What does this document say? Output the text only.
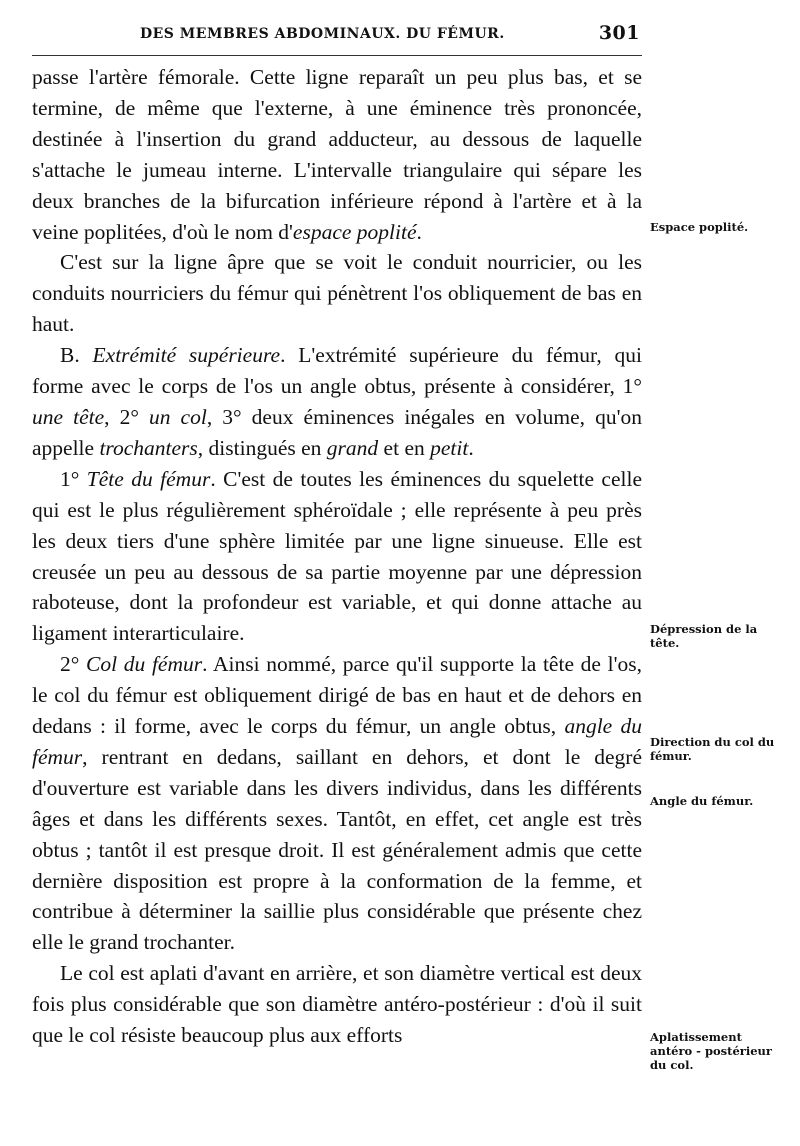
DES MEMBRES ABDOMINAUX. DU FÉMUR.	301

passe l'artère fémorale. Cette ligne reparaît un peu plus bas, et se termine, de même que l'externe, à une éminence très prononcée, destinée à l'insertion du grand adducteur, au dessous de laquelle s'attache le jumeau interne. L'intervalle triangulaire qui sépare les deux branches de la bifurcation inférieure répond à l'artère et à la veine poplitées, d'où le nom d'espace poplité.

C'est sur la ligne âpre que se voit le conduit nourricier, ou les conduits nourriciers du fémur qui pénètrent l'os obliquement de bas en haut.

B. Extrémité supérieure. L'extrémité supérieure du fémur, qui forme avec le corps de l'os un angle obtus, présente à considérer, 1° une tête, 2° un col, 3° deux éminences inégales en volume, qu'on appelle trochanters, distingués en grand et en petit.

1° Tête du fémur. C'est de toutes les éminences du squelette celle qui est le plus régulièrement sphéroïdale ; elle représente à peu près les deux tiers d'une sphère limitée par une ligne sinueuse. Elle est creusée un peu au dessous de sa partie moyenne par une dépression raboteuse, dont la profondeur est variable, et qui donne attache au ligament interarticulaire.

2° Col du fémur. Ainsi nommé, parce qu'il supporte la tête de l'os, le col du fémur est obliquement dirigé de bas en haut et de dehors en dedans : il forme, avec le corps du fémur, un angle obtus, angle du fémur, rentrant en dedans, saillant en dehors, et dont le degré d'ouverture est variable dans les divers individus, dans les différents âges et dans les différents sexes. Tantôt, en effet, cet angle est très obtus ; tantôt il est presque droit. Il est généralement admis que cette dernière disposition est propre à la conformation de la femme, et contribue à déterminer la saillie plus considérable que présente chez elle le grand trochanter.

Le col est aplati d'avant en arrière, et son diamètre vertical est deux fois plus considérable que son diamètre antéro-postérieur : d'où il suit que le col résiste beaucoup plus aux efforts

Espace poplité.
Dépression de la tête.
Direction du col du fémur.
Angle du fémur.
Aplatissement antéro - postérieur du col.
